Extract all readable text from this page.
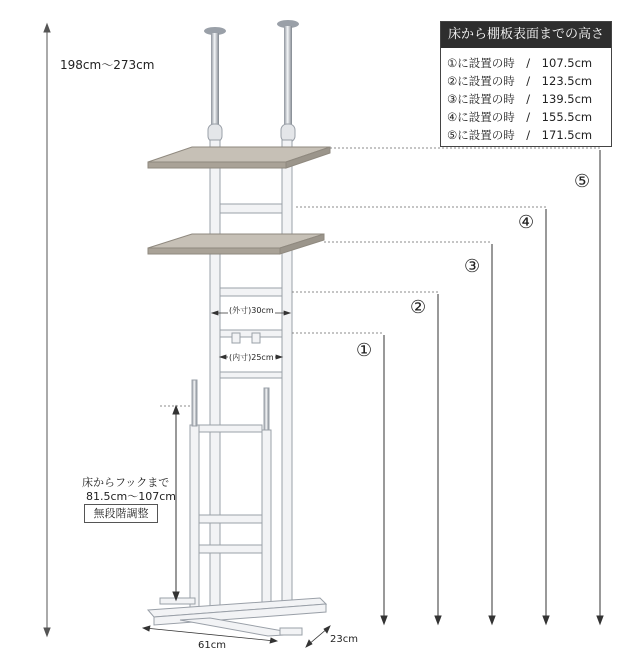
198cm〜273cm
床から棚板表面までの高さ
①に設置の時　/　107.5cm
②に設置の時　/　123.5cm
③に設置の時　/　139.5cm
④に設置の時　/　155.5cm
⑤に設置の時　/　171.5cm
①
②
③
④
⑤
(外寸)30cm
(内寸)25cm
床からフックまで
81.5cm〜107cm
無段階調整
61cm
23cm
